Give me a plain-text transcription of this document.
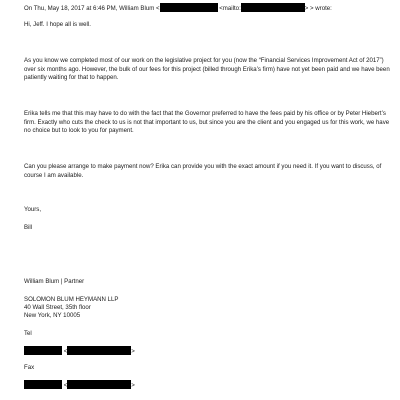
On Thu, May 18, 2017 at 6:46 PM, William Blum <	<mailto:	> > wrote:
Hi, Jeff. I hope all is well.
As you know we completed most of our work on the legislative project for you (now the “Financial Services Improvement Act of 2017”) over six months ago. However, the bulk of our fees for this project (billed through Erika’s firm) have not yet been paid and we have been patiently waiting for that to happen.
Erika tells me that this may have to do with the fact that the Governor preferred to have the fees paid by his office or by Peter Hiebert’s firm. Exactly who cuts the check to us is not that important to us, but since you are the client and you engaged us for this work, we have no choice but to look to you for payment.
Can you please arrange to make payment now? Erika can provide you with the exact amount if you need it. If you want to discuss, of course I am available.
Yours,
Bill
William Blum | Partner
SOLOMON BLUM HEYMANN LLP
40 Wall Street, 35th floor
New York, NY 10005
Tel
<	>
Fax
<	>
